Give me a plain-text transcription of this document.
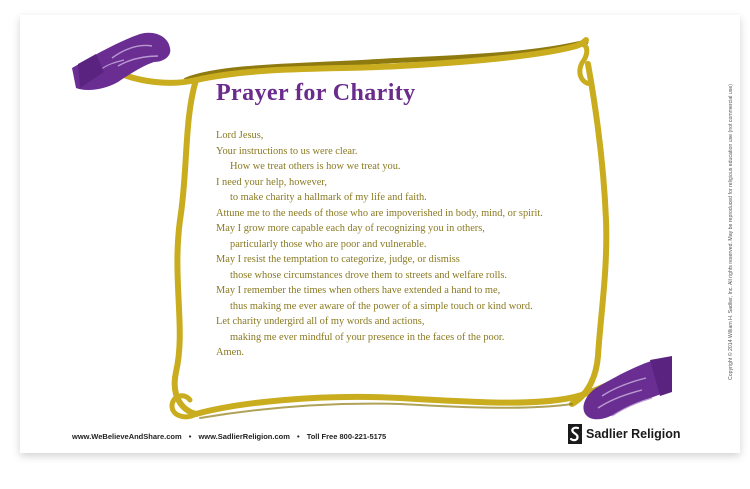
Prayer for Charity
Lord Jesus,
Your instructions to us were clear.
How we treat others is how we treat you.
I need your help, however,
to make charity a hallmark of my life and faith.
Attune me to the needs of those who are impoverished in body, mind, or spirit.
May I grow more capable each day of recognizing you in others,
particularly those who are poor and vulnerable.
May I resist the temptation to categorize, judge, or dismiss
those whose circumstances drove them to streets and welfare rolls.
May I remember the times when others have extended a hand to me,
thus making me ever aware of the power of a simple touch or kind word.
Let charity undergird all of my words and actions,
making me ever mindful of your presence in the faces of the poor.
Amen.	Copyright © 2014 William H. Sadlier, Inc. All rights reserved. May be reproduced for religious education use (not commercial use)
www.WeBelieveAndShare.com • www.SadlierReligion.com • Toll Free 800-221-5175	Sadlier Religion
